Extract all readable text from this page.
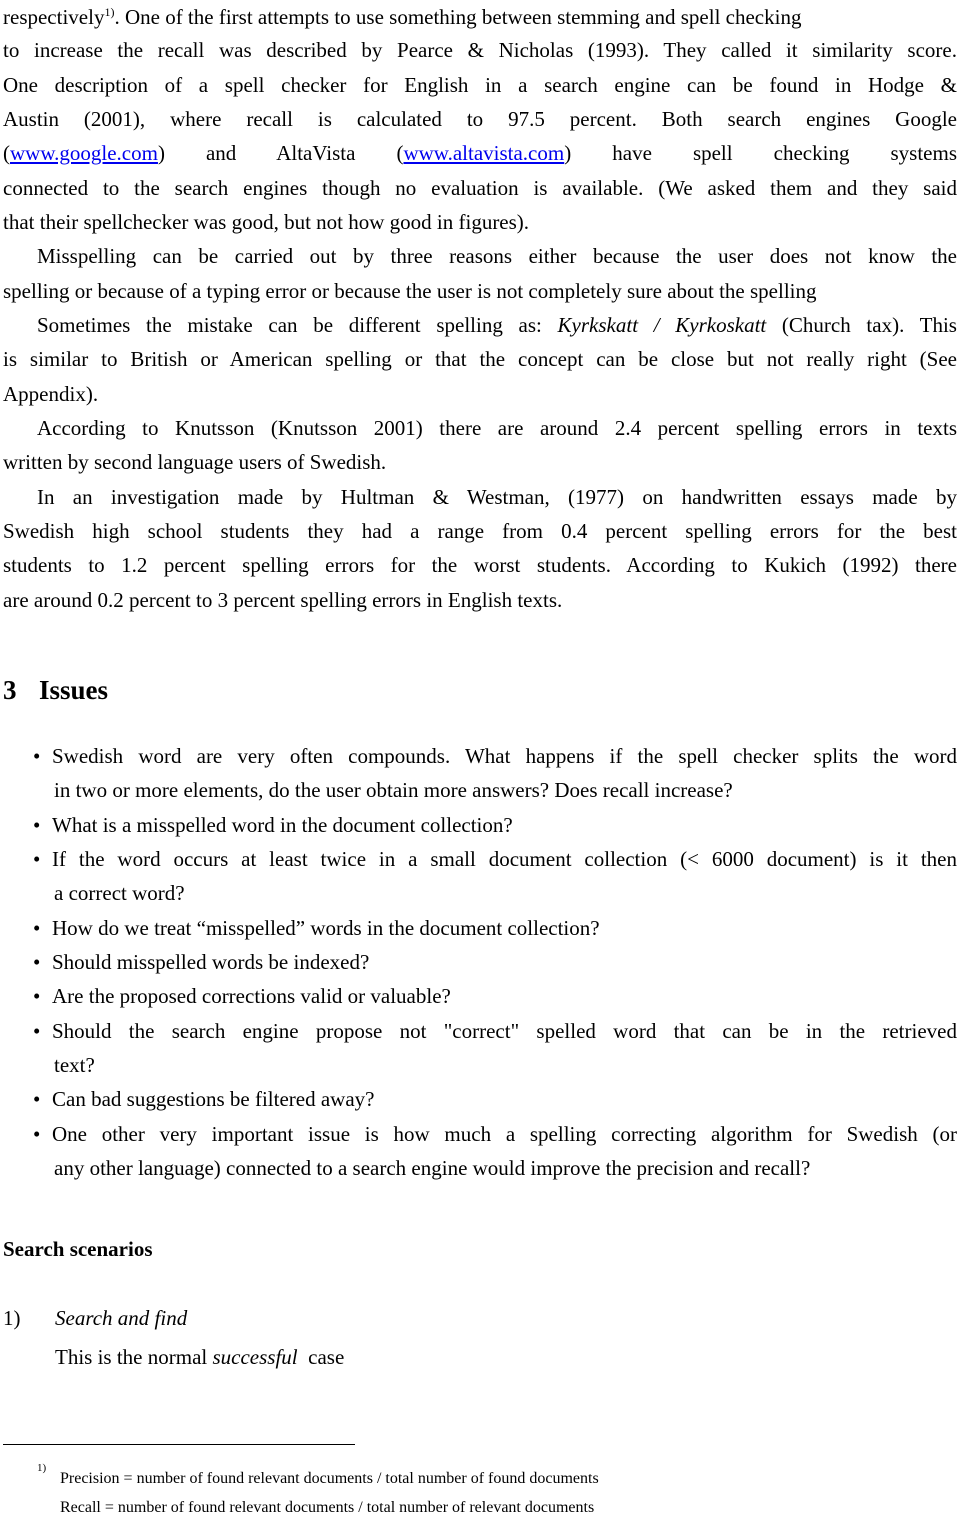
respectively$^{1)}$. One of the first attempts to use something between stemming and spell checking
to increase the recall was described by Pearce & Nicholas (1993). They called it similarity score.
One description of a spell checker for English in a search engine can be found in Hodge &
Austin (2001), where recall is calculated to 97.5 percent. Both search engines Google
(www.google.com) and AltaVista (www.altavista.com) have spell checking systems
connected to the search engines though no evaluation is available. (We asked them and they said
that their spellchecker was good, but not how good in figures).
Misspelling can be carried out by three reasons either because the user does not know the
spelling or because of a typing error or because the user is not completely sure about the spelling
Sometimes the mistake can be different spelling as: Kyrkskatt / Kyrkoskatt (Church tax). This
is similar to British or American spelling or that the concept can be close but not really right (See
Appendix).
According to Knutsson (Knutsson 2001) there are around 2.4 percent spelling errors in texts
written by second language users of Swedish.
In an investigation made by Hultman & Westman, (1977) on handwritten essays made by
Swedish high school students they had a range from 0.4 percent spelling errors for the best
students to 1.2 percent spelling errors for the worst students. According to Kukich (1992) there
are around 0.2 percent to 3 percent spelling errors in English texts.
3 Issues
• Swedish word are very often compounds. What happens if the spell checker splits the word
in two or more elements, do the user obtain more answers? Does recall increase?
• What is a misspelled word in the document collection?
• If the word occurs at least twice in a small document collection (< 6000 document) is it then
a correct word?
• How do we treat “misspelled” words in the document collection?
• Should misspelled words be indexed?
• Are the proposed corrections valid or valuable?
• Should the search engine propose not "correct" spelled word that can be in the retrieved
text?
• Can bad suggestions be filtered away?
• One other very important issue is how much a spelling correcting algorithm for Swedish (or
any other language) connected to a search engine would improve the precision and recall?
Search scenarios
1) Search and find
This is the normal successful  case
1)
Precision = number of found relevant documents / total number of found documents
Recall = number of found relevant documents / total number of relevant documents
